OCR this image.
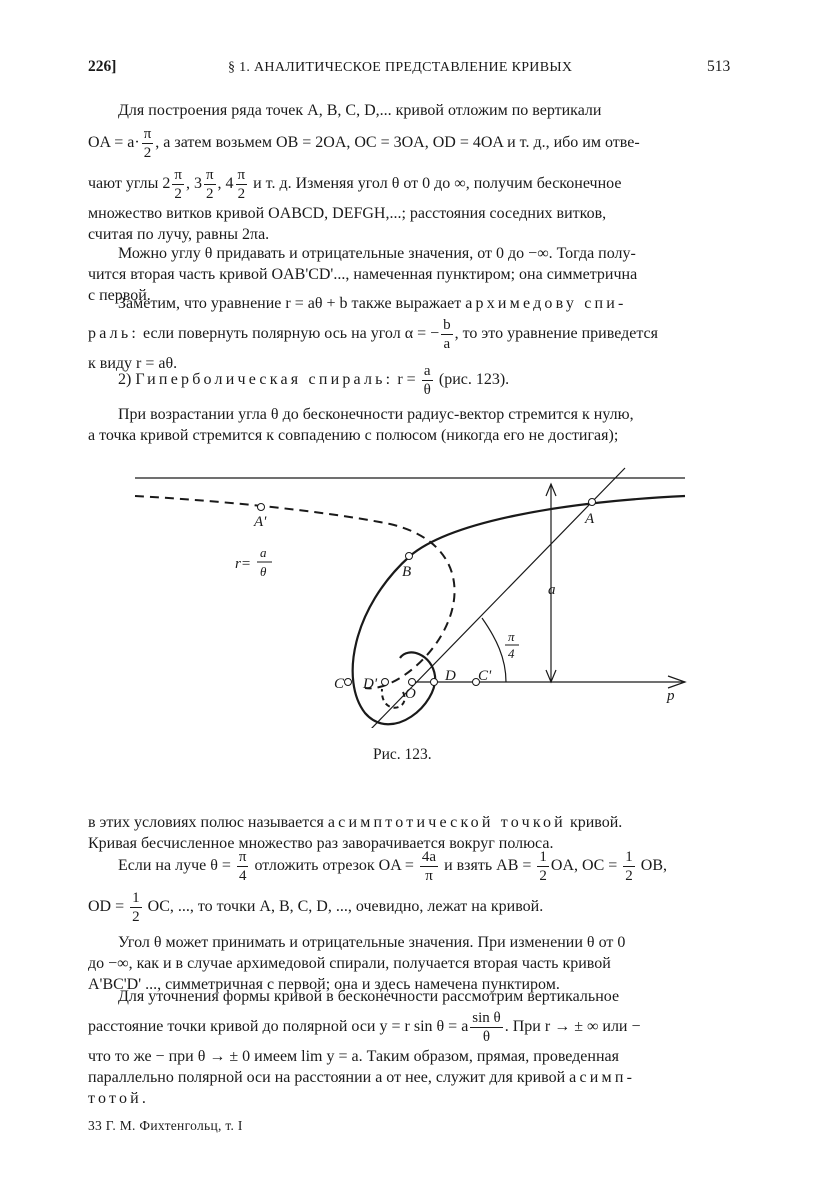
226]	§ 1. АНАЛИТИЧЕСКОЕ ПРЕДСТАВЛЕНИЕ КРИВЫХ	513
Для построения ряда точек A, B, C, D,... кривой отложим по вертикали
OA = $a\cdot \frac{\pi}{2}$ , а затем возьмем OB = 2OA, OC = 3OA, OD = 4OA и т. д., ибо им отве-
чают углы $2 \frac{\pi}{2}$ , $3 \frac{\pi}{2}$ , $4 \frac{\pi}{2}$ и т. д. Изменяя угол θ от 0 до ∞, получим бесконечное
множество витков кривой OABCD, DEFGH,...; расстояния соседних витков,
считая по лучу, равны 2πa.
Можно углу θ придавать и отрицательные значения, от 0 до −∞. Тогда полу-
чится вторая часть кривой OAB'CD'..., намеченная пунктиром; она симметрична
с первой.
Заметим, что уравнение r = aθ + b также выражает архимедову спи-
раль: если повернуть полярную ось на угол α = − $\frac{b}{a}$ , то это уравнение приведется
к виду r = aθ.
2) Гиперболическая спираль: $r = \frac{a}{\theta} (рис$. 123).
При возрастании угла θ до бесконечности радиус-вектор стремится к нулю,
а точка кривой стремится к совпадению с полюсом (никогда его не достигая);
A
A'
B
C D'
O
D C'
p
a
r=
a
θ
π
4
Рис. 123.
в этих условиях полюс называется асимптотической точкой кривой.
Кривая бесчисленное множество раз заворачивается вокруг полюса.
Если на луче $\theta = \frac{\pi}{4}$ отложить отрезок OA = $\frac{4a}{\pi}$ и взять AB = $\frac{1}{2}$ OA, OC = $\frac{1}{2}$ OB,
OD = $\frac{1}{2}$ OC, ..., то точки A, B, C, D, ..., очевидно, лежат на кривой.
Угол θ может принимать и отрицательные значения. При изменении θ от 0
до −∞, как и в случае архимедовой спирали, получается вторая часть кривой
A'BC'D' ..., симметричная с первой; она и здесь намечена пунктиром.
Для уточнения формы кривой в бесконечности рассмотрим вертикальное
расстояние точки кривой до полярной оси y = r sin θ = a $\frac{\text{sin θ}}{\theta}$ . При r → ± ∞ или −
что то же − при θ → ± 0 имеем lim y = a. Таким образом, прямая, проведенная
параллельно полярной оси на расстоянии a от нее, служит для кривой асимп-
тотой.
33 Г. М. Фихтенгольц, т. I
